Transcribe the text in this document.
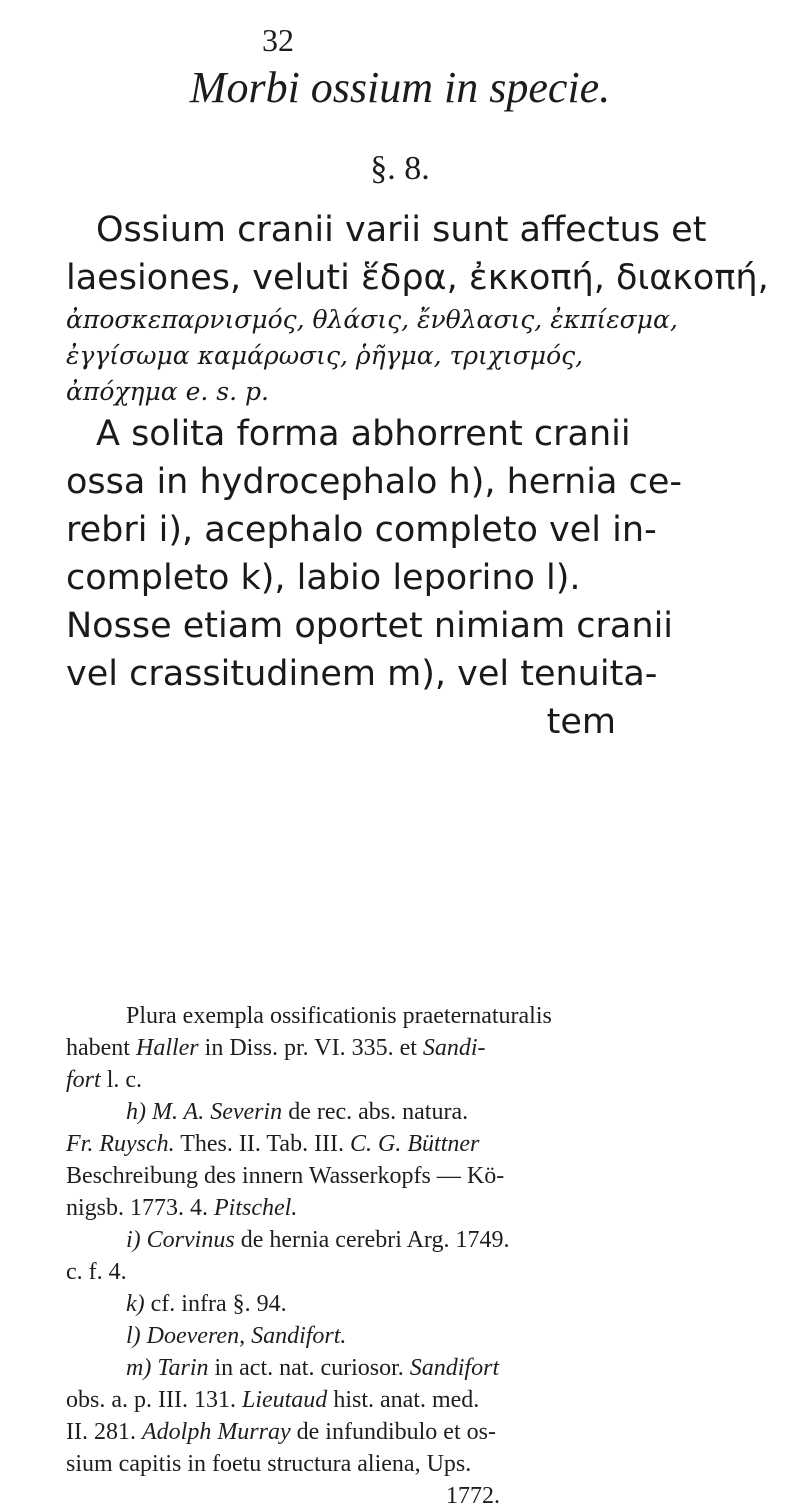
32
Morbi ossium in specie.
§. 8.
Ossium cranii varii sunt affectus et
laesiones, veluti ἕδρα, ἐκκοπή, διακοπή,
ἀποσκεπαρνισμός, θλάσις, ἔνθλασις, ἐκπίεσμα,
ἐγγίσωμα καμάρωσις, ῥῆγμα, τριχισμός,
ἀπόχημα e. s. p.
A solita forma abhorrent cranii
ossa in hydrocephalo h), hernia ce-
rebri i), acephalo completo vel in-
completo k), labio leporino l).
Nosse etiam oportet nimiam cranii
vel crassitudinem m), vel tenuita-
tem
Plura exempla ossificationis praeternaturalis
habent Haller in Diss. pr. VI. 335. et Sandi-
fort l. c.
h) M. A. Severin de rec. abs. natura.
Fr. Ruysch. Thes. II. Tab. III. C. G. Büttner
Beschreibung des innern Wasserkopfs — Kö-
nigsb. 1773. 4. Pitschel.
i) Corvinus de hernia cerebri Arg. 1749.
c. f. 4.
k) cf. infra §. 94.
l) Doeveren, Sandifort.
m) Tarin in act. nat. curiosor. Sandifort
obs. a. p. III. 131. Lieutaud hist. anat. med.
II. 281. Adolph Murray de infundibulo et os-
sium capitis in foetu structura aliena, Ups.
1772.
